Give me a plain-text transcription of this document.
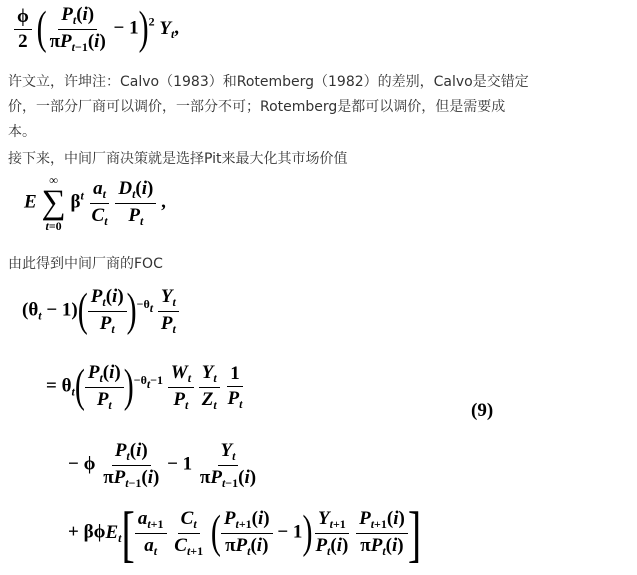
$\frac{\phi}{2}$ ( $\frac{P_t(i)}{\pi P_{t-1}(i)} - 1)^2$ $Y_t$,
许文立，许坤注：Calvo（1983）和Rotemberg（1982）的差别，Calvo是交错定
价，一部分厂商可以调价，一部分不可；Rotemberg是都可以调价，但是需要成
本。
接下来，中间厂商决策就是选择Pit来最大化其市场价值
E
∞
∑
t=0
$\beta^t \frac{a_t}{C_t}$
$\frac{D_t(i)}{P_t}$ ,
由此得到中间厂商的FOC
$(\theta_t - 1)( \frac{P_t(i)}{P_t} )^{-\theta_t} \frac{Y_t}{P_t}$
= $\theta_t( \frac{P_t(i)}{P_t} )^{-\theta_t-1} \frac{W_t}{P_t}$
$\frac{Y_t}{Z_t}$
$\frac{1}{P_t}$	(9)
− ϕ $\frac{P_t(i)}{\pi P_{t-1}(i)} - 1 \frac{Y_t}{\pi P_{t-1}(i)}$
+ $\beta\phi E_t[ \frac{a_{t+1}}{a_t}$
$\frac{C_t}{C_{t+1}}$ ( $\frac{P_{t+1}(i)}{\pi P_t(i)} - 1) \frac{Y_{t+1}}{P_t(i)}$
$\frac{P_{t+1}(i)}{\pi P_t(i)}$ ]
